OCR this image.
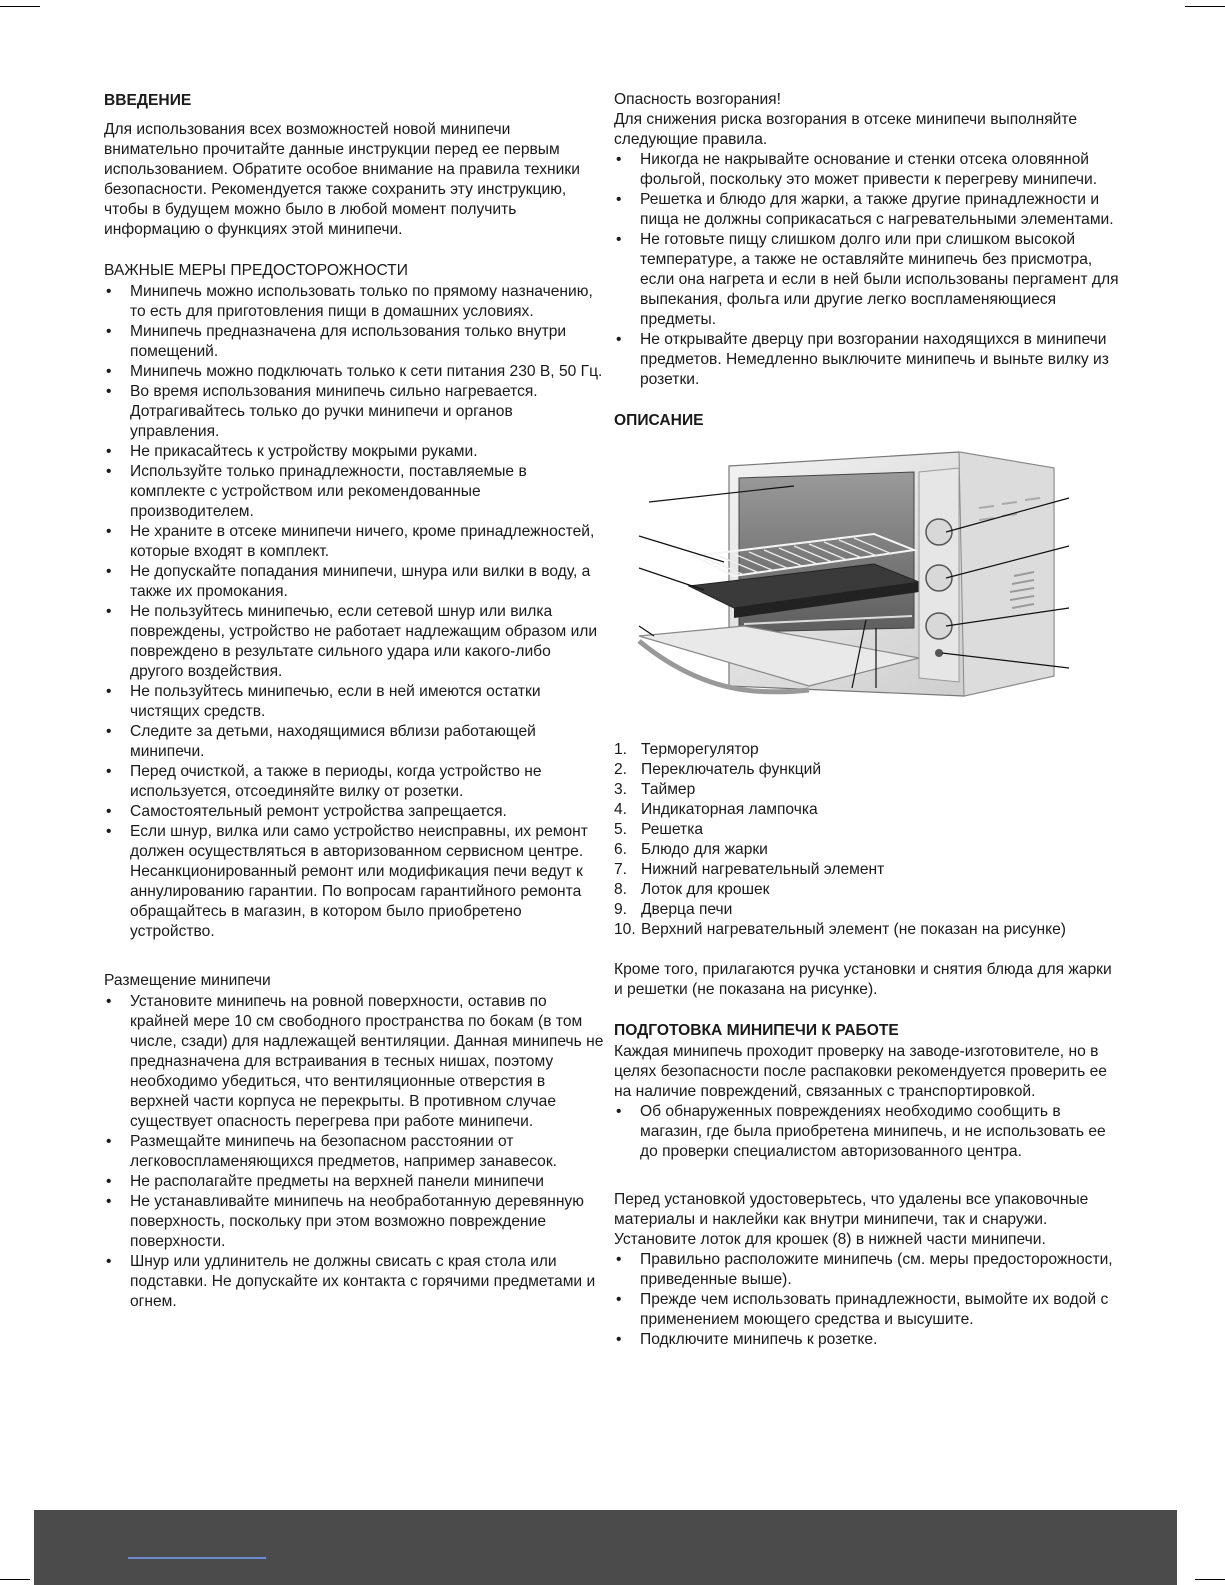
ВВЕДЕНИЕ

Для использования всех возможностей новой минипечи внимательно прочитайте данные инструкции перед ее первым использованием. Обратите особое внимание на правила техники безопасности. Рекомендуется также сохранить эту инструкцию, чтобы в будущем можно было в любой момент получить информацию о функциях этой минипечи.

ВАЖНЫЕ МЕРЫ ПРЕДОСТОРОЖНОСТИ
• Минипечь можно использовать только по прямому назначению, то есть для приготовления пищи в домашних условиях.
• Минипечь предназначена для использования только внутри помещений.
• Минипечь можно подключать только к сети питания 230 В, 50 Гц.
• Во время использования минипечь сильно нагревается. Дотрагивайтесь только до ручки минипечи и органов управления.
• Не прикасайтесь к устройству мокрыми руками.
• Используйте только принадлежности, поставляемые в комплекте с устройством или рекомендованные производителем.
• Не храните в отсеке минипечи ничего, кроме принадлежностей, которые входят в комплект.
• Не допускайте попадания минипечи, шнура или вилки в воду, а также их промокания.
• Не пользуйтесь минипечью, если сетевой шнур или вилка повреждены, устройство не работает надлежащим образом или повреждено в результате сильного удара или какого-либо другого воздействия.
• Не пользуйтесь минипечью, если в ней имеются остатки чистящих средств.
• Следите за детьми, находящимися вблизи работающей минипечи.
• Перед очисткой, а также в периоды, когда устройство не используется, отсоединяйте вилку от розетки.
• Самостоятельный ремонт устройства запрещается.
• Если шнур, вилка или само устройство неисправны, их ремонт должен осуществляться в авторизованном сервисном центре. Несанкционированный ремонт или модификация печи ведут к аннулированию гарантии. По вопросам гарантийного ремонта обращайтесь в магазин, в котором было приобретено устройство.
Размещение минипечи
• Установите минипечь на ровной поверхности, оставив по крайней мере 10 см свободного пространства по бокам (в том числе, сзади) для надлежащей вентиляции. Данная минипечь не предназначена для встраивания в тесных нишах, поэтому необходимо убедиться, что вентиляционные отверстия в верхней части корпуса не перекрыты. В противном случае существует опасность перегрева при работе минипечи.
• Размещайте минипечь на безопасном расстоянии от легковоспламеняющихся предметов, например занавесок.
• Не располагайте предметы на верхней панели минипечи
• Не устанавливайте минипечь на необработанную деревянную поверхность, поскольку при этом возможно повреждение поверхности.
• Шнур или удлинитель не должны свисать с края стола или подставки. Не допускайте их контакта с горячими предметами и огнем.

Опасность возгорания!

Для снижения риска возгорания в отсеке минипечи выполняйте следующие правила.

• Никогда не накрывайте основание и стенки отсека оловянной фольгой, поскольку это может привести к перегреву минипечи.
• Решетка и блюдо для жарки, а также другие принадлежности и пища не должны соприкасаться с нагревательными элементами.
• Не готовьте пищу слишком долго или при слишком высокой температуре, а также не оставляйте минипечь без присмотра, если она нагрета и если в ней были использованы пергамент для выпекания, фольга или другие легко воспламеняющиеся предметы.
• Не открывайте дверцу при возгорании находящихся в минипечи предметов. Немедленно выключите минипечь и выньте вилку из розетки.
ОПИСАНИЕ
1. Терморегулятор
2. Переключатель функций
3. Таймер
4. Индикаторная лампочка
5. Решетка
6. Блюдо для жарки
7. Нижний нагревательный элемент
8. Лоток для крошек
9. Дверца печи
10. Верхний нагревательный элемент (не показан на рисунке)

Кроме того, прилагаются ручка установки и снятия блюда для жарки и решетки (не показана на рисунке).

ПОДГОТОВКА МИНИПЕЧИ К РАБОТЕ

Каждая минипечь проходит проверку на заводе-изготовителе, но в целях безопасности после распаковки рекомендуется проверить ее на наличие повреждений, связанных с транспортировкой.

• Об обнаруженных повреждениях необходимо сообщить в магазин, где была приобретена минипечь, и не использовать ее до проверки специалистом авторизованного центра.

Перед установкой удостоверьтесь, что удалены все упаковочные материалы и наклейки как внутри минипечи, так и снаружи. Установите лоток для крошек (8) в нижней части минипечи.

• Правильно расположите минипечь (см. меры предосторожности, приведенные выше).
• Прежде чем использовать принадлежности, вымойте их водой с применением моющего средства и высушите.
• Подключите минипечь к розетке.
